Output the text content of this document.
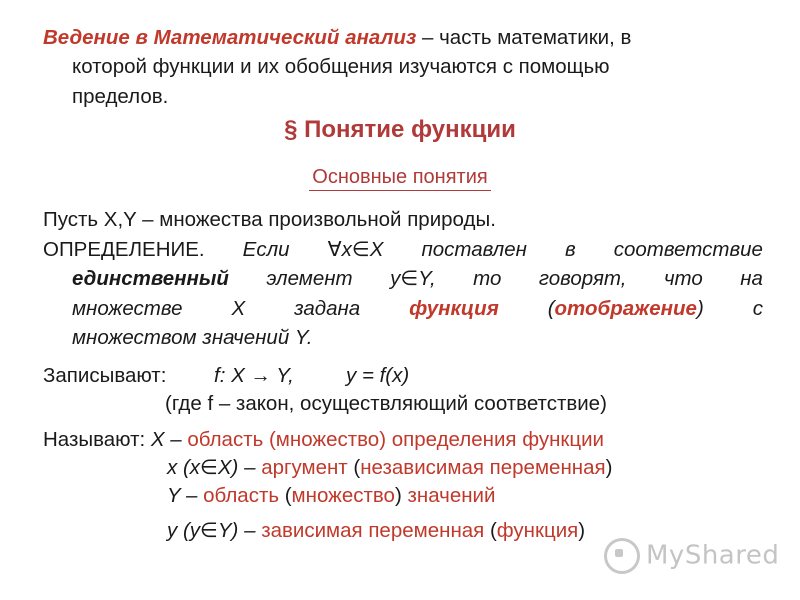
Ведение в Математический анализ – часть математики, в
которой функции и их обобщения изучаются с помощью
пределов.
§ Понятие функции
Основные понятия
Пусть X,Y – множества произвольной природы.
ОПРЕДЕЛЕНИЕ. Если ∀x∈X поставлен в соответствие
единственный элемент y∈Y, то говорят, что на
множестве X задана функция (отображение) с
множеством значений Y.
Записывают: f: X → Y,	y = f(x)
(где f – закон, осуществляющий соответствие)
Называют: X – область (множество) определения функции
x (x∈X) – аргумент (независимая переменная)
Y – область (множество) значений
y (y∈Y) – зависимая переменная (функция)
MyShared
